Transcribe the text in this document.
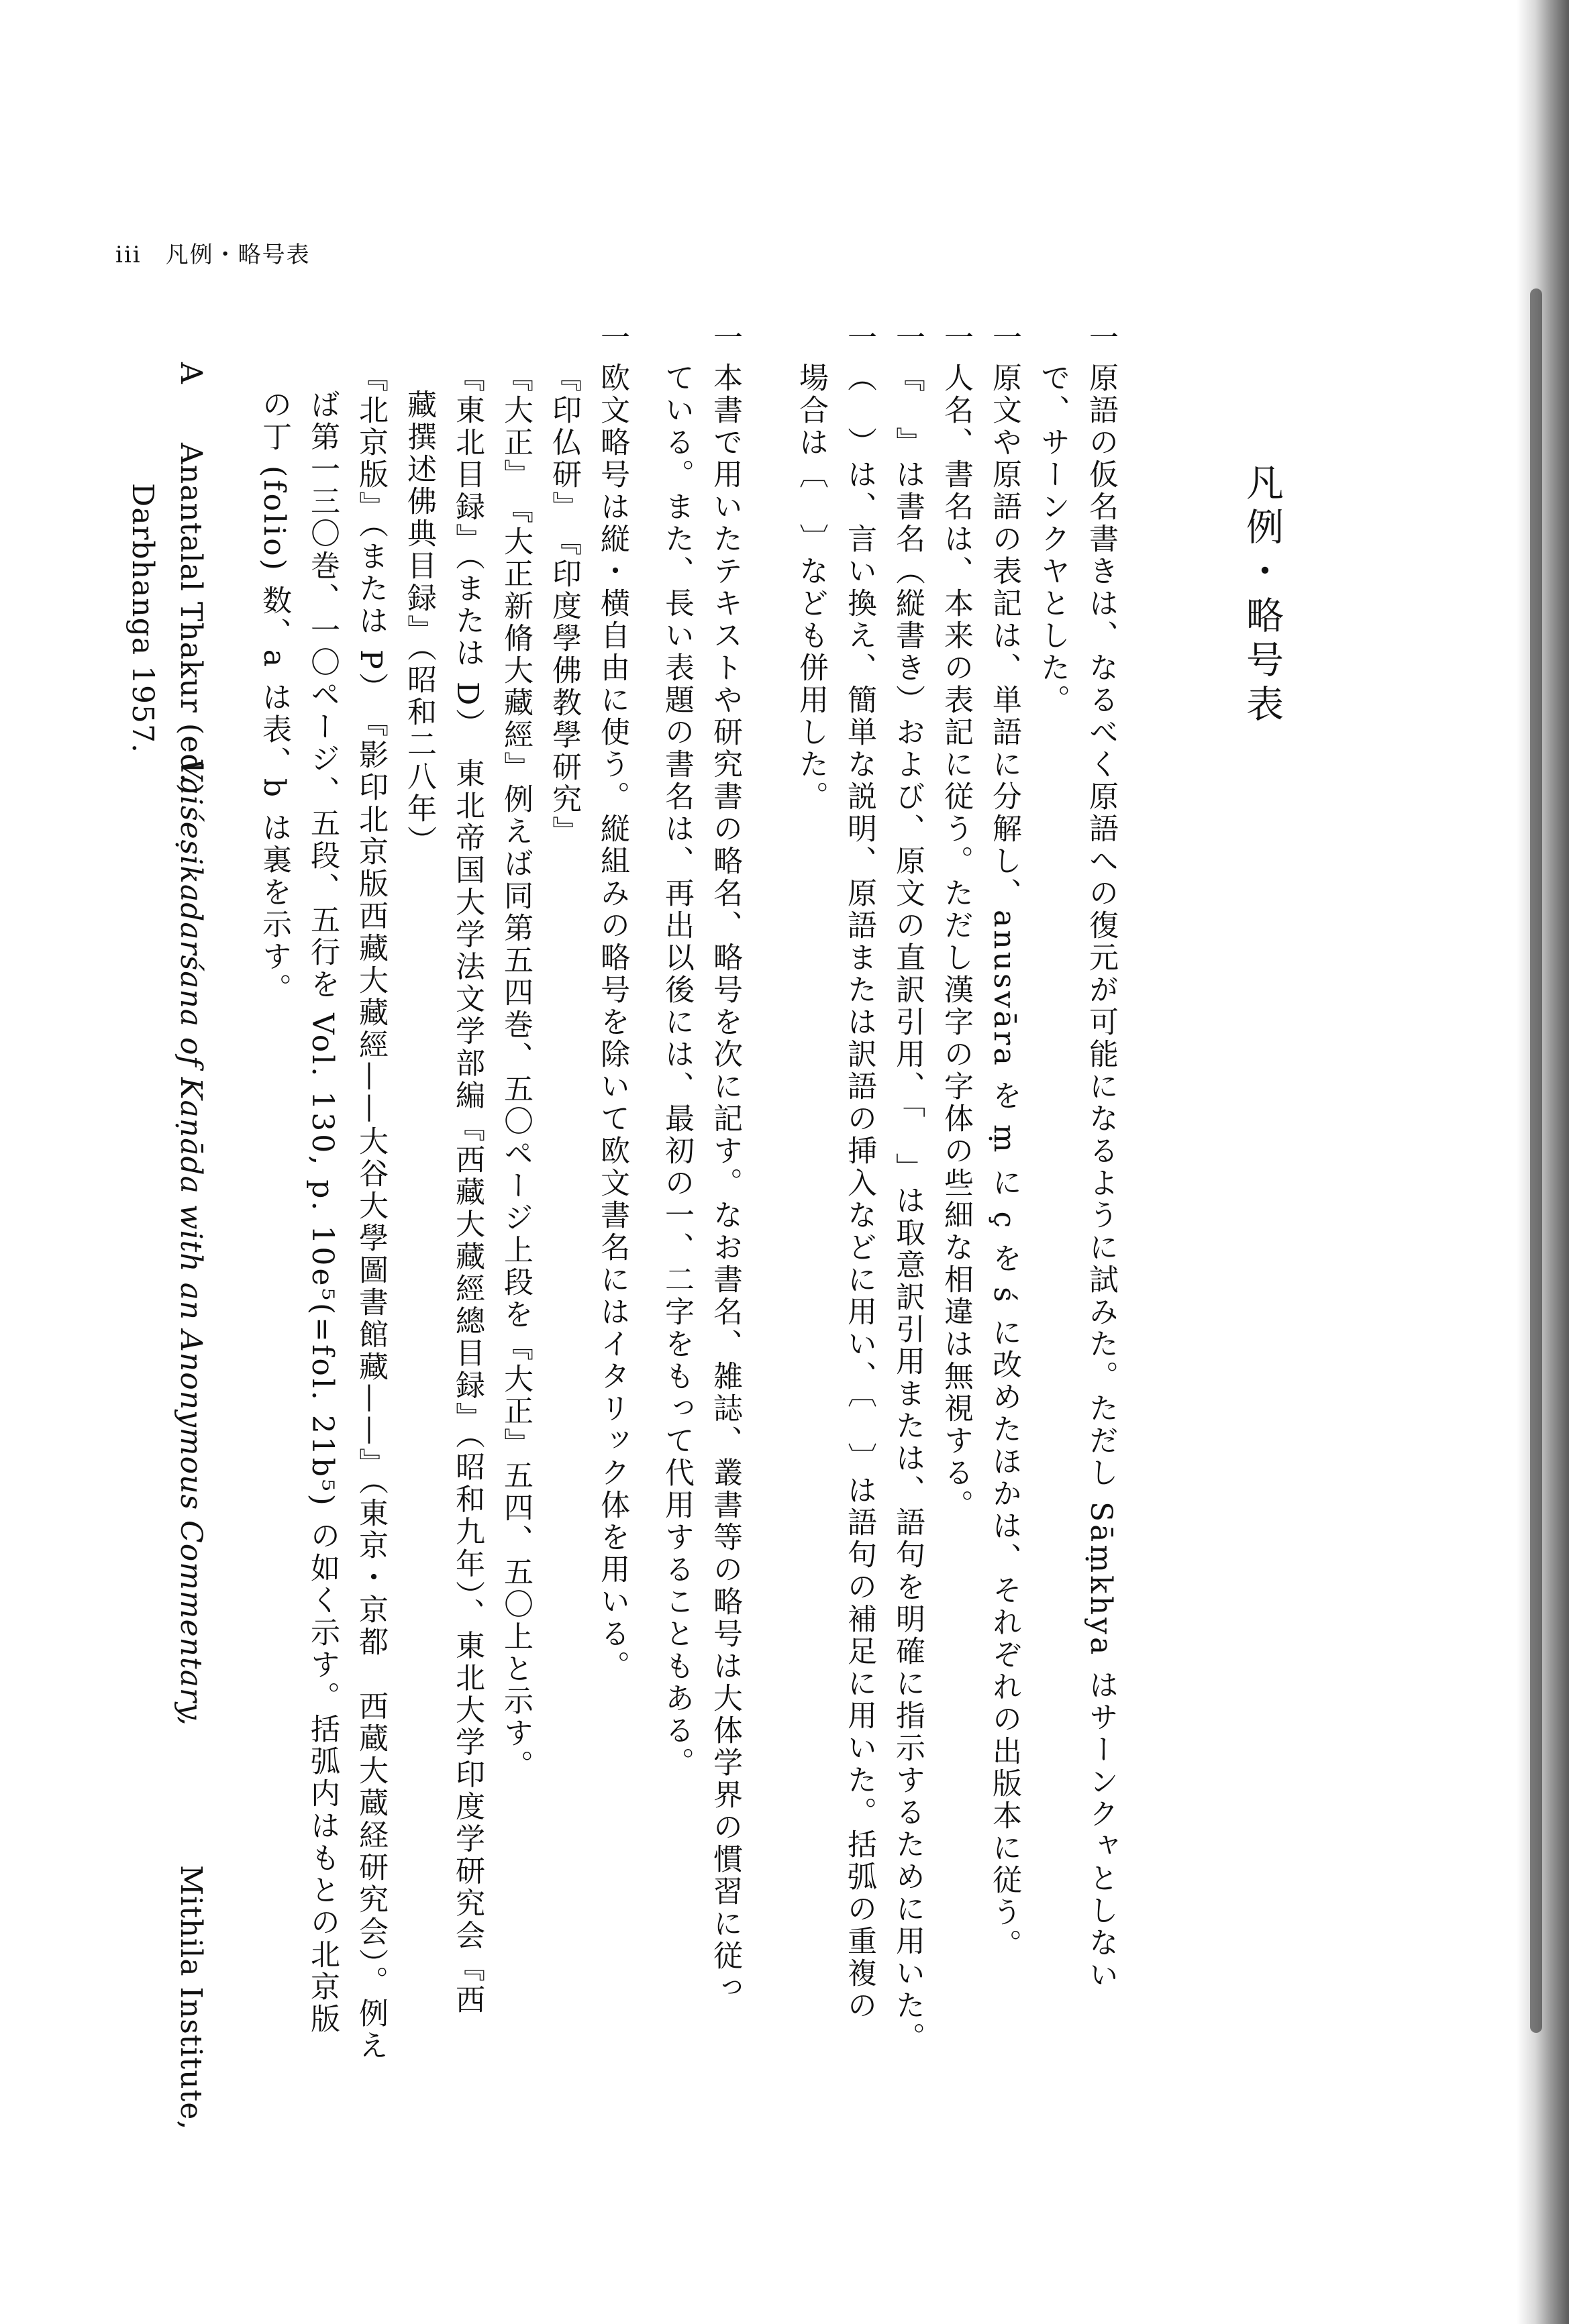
iii　凡例・略号表
凡例・略号表
一
原語の仮名書きは、なるべく原語への復元が可能になるように試みた。ただし Sāṃkhya はサーンクャとしない
で、サーンクヤとした。
一
原文や原語の表記は、単語に分解し、anusvāra を ṃ に ç を ś に改めたほかは、それぞれの出版本に従う。
一
人名、書名は、本来の表記に従う。ただし漢字の字体の些細な相違は無視する。
一
『　』は書名（縦書き）および、原文の直訳引用、「　」は取意訳引用または、語句を明確に指示するために用いた。
一
（　）は、言い換え、簡単な説明、原語または訳語の挿入などに用い、〔　〕は語句の補足に用いた。括弧の重複の
場合は〔　〕なども併用した。
一
本書で用いたテキストや研究書の略名、略号を次に記す。なお書名、雑誌、叢書等の略号は大体学界の慣習に従っ
ている。また、長い表題の書名は、再出以後には、最初の一、二字をもって代用することもある。
一
欧文略号は縦・横自由に使う。縦組みの略号を除いて欧文書名にはイタリック体を用いる。
『印仏研』　『印度學佛教學研究』
『大正』　『大正新脩大藏經』例えば同第五四巻、五〇ページ上段を『大正』五四、五〇上と示す。
『東北目録』（または D）　東北帝国大学法文学部編『西藏大藏經總目録』（昭和九年）、東北大学印度学研究会『西
藏撰述佛典目録』（昭和二八年）
『北京版』（または P）　『影印北京版西藏大藏經——大谷大學圖書館藏——』（東京・京都　西蔵大蔵経研究会）。例え
ば第一三〇巻、一〇ページ、五段、五行を Vol. 130, p. 10e⁵(=fol. 21b⁵) の如く示す。括弧内はもとの北京版
の丁 (folio) 数、a は表、b は裏を示す。
A
Anantalal Thakur (ed.)
Vaiśeṣikadarśana of Kaṇāda with an Anonymous Commentary,
Mithila Institute,
Darbhanga 1957.
